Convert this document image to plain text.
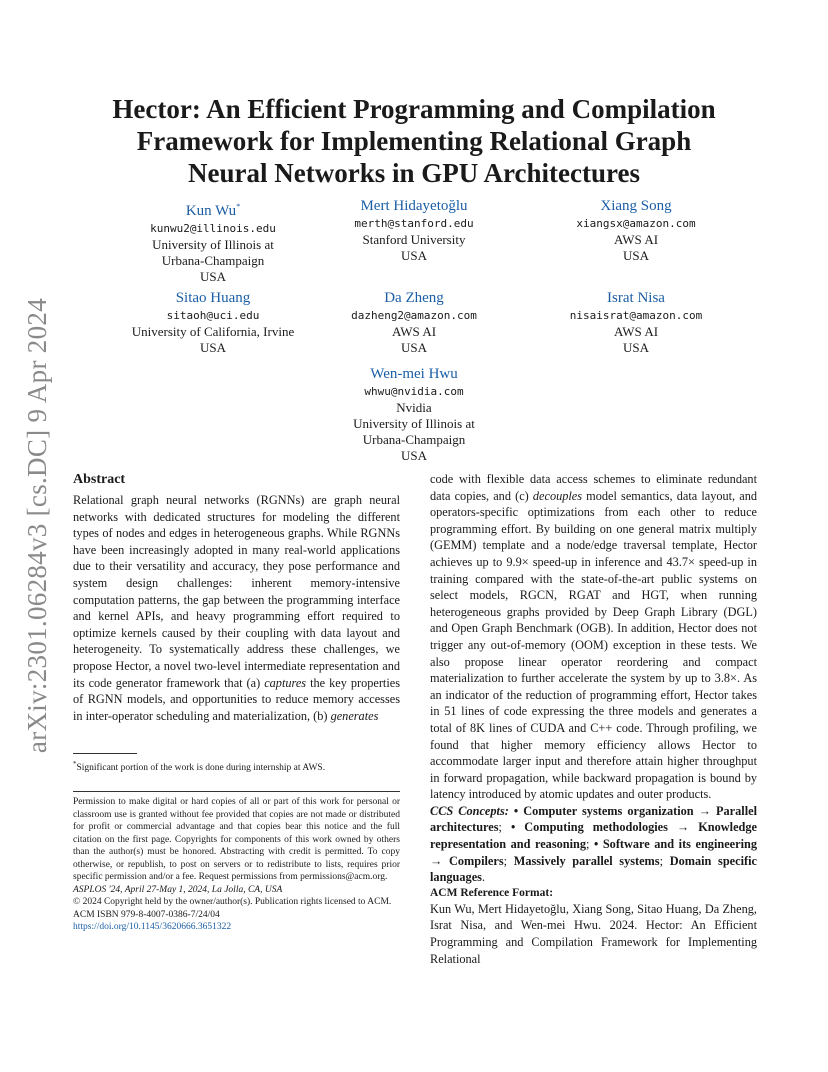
arXiv:2301.06284v3 [cs.DC] 9 Apr 2024
Hector: An Efficient Programming and Compilation
Framework for Implementing Relational Graph
Neural Networks in GPU Architectures
Kun Wu*
kunwu2@illinois.edu
University of Illinois at
Urbana-Champaign
USA
Mert Hidayetoğlu
merth@stanford.edu
Stanford University
USA
Xiang Song
xiangsx@amazon.com
AWS AI
USA
Sitao Huang
sitaoh@uci.edu
University of California, Irvine
USA
Da Zheng
dazheng2@amazon.com
AWS AI
USA
Israt Nisa
nisaisrat@amazon.com
AWS AI
USA
Wen-mei Hwu
whwu@nvidia.com
Nvidia
University of Illinois at
Urbana-Champaign
USA

Abstract

Relational graph neural networks (RGNNs) are graph neural networks with dedicated structures for modeling the different types of nodes and edges in heterogeneous graphs. While RGNNs have been increasingly adopted in many real-world applications due to their versatility and accuracy, they pose performance and system design challenges: inherent memory-intensive computation patterns, the gap between the programming interface and kernel APIs, and heavy programming effort required to optimize kernels caused by their coupling with data layout and heterogeneity. To systematically address these challenges, we propose Hector, a novel two-level intermediate representation and its code generator framework that (a) captures the key properties of RGNN models, and opportunities to reduce memory accesses in inter-operator scheduling and materialization, (b) generates

*Significant portion of the work is done during internship at AWS.

Permission to make digital or hard copies of all or part of this work for personal or classroom use is granted without fee provided that copies are not made or distributed for profit or commercial advantage and that copies bear this notice and the full citation on the first page. Copyrights for components of this work owned by others than the author(s) must be honored. Abstracting with credit is permitted. To copy otherwise, or republish, to post on servers or to redistribute to lists, requires prior specific permission and/or a fee. Request permissions from permissions@acm.org.

ASPLOS '24, April 27-May 1, 2024, La Jolla, CA, USA

© 2024 Copyright held by the owner/author(s). Publication rights licensed to ACM.

ACM ISBN 979-8-4007-0386-7/24/04

https://doi.org/10.1145/3620666.3651322

code with flexible data access schemes to eliminate redundant data copies, and (c) decouples model semantics, data layout, and operators-specific optimizations from each other to reduce programming effort. By building on one general matrix multiply (GEMM) template and a node/edge traversal template, Hector achieves up to 9.9× speed-up in inference and 43.7× speed-up in training compared with the state-of-the-art public systems on select models, RGCN, RGAT and HGT, when running heterogeneous graphs provided by Deep Graph Library (DGL) and Open Graph Benchmark (OGB). In addition, Hector does not trigger any out-of-memory (OOM) exception in these tests. We also propose linear operator reordering and compact materialization to further accelerate the system by up to 3.8×. As an indicator of the reduction of programming effort, Hector takes in 51 lines of code expressing the three models and generates a total of 8K lines of CUDA and C++ code. Through profiling, we found that higher memory efficiency allows Hector to accommodate larger input and therefore attain higher throughput in forward propagation, while backward propagation is bound by latency introduced by atomic updates and outer products.

CCS Concepts: • Computer systems organization → Parallel architectures; • Computing methodologies → Knowledge representation and reasoning; • Software and its engineering → Compilers; Massively parallel systems; Domain specific languages.

ACM Reference Format:

Kun Wu, Mert Hidayetoğlu, Xiang Song, Sitao Huang, Da Zheng, Israt Nisa, and Wen-mei Hwu. 2024. Hector: An Efficient Programming and Compilation Framework for Implementing Relational
